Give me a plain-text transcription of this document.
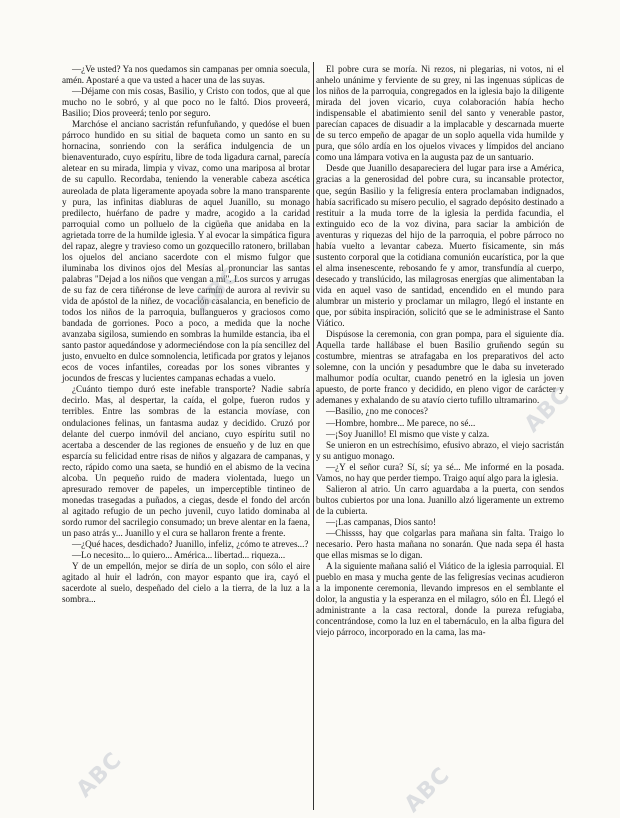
—¿Ve usted? Ya nos quedamos sin campanas per omnia soecula, amén. Apostaré a que va usted a hacer una de las suyas.

—Déjame con mis cosas, Basilio, y Cristo con todos, que al que mucho no le sobró, y al que poco no le faltó. Dios proveerá, Basilio; Dios proveerá; tenlo por seguro.

Marchóse el anciano sacristán refunfuñando, y quedóse el buen párroco hundido en su sitial de baqueta como un santo en su hornacina, sonriendo con la seráfica indulgencia de un bienaventurado, cuyo espíritu, libre de toda ligadura carnal, parecía aletear en su mirada, limpia y vivaz, como una mariposa al brotar de su capullo. Recordaba, teniendo la venerable cabeza ascética aureolada de plata ligeramente apoyada sobre la mano transparente y pura, las infinitas diabluras de aquel Juanillo, su monago predilecto, huérfano de padre y madre, acogido a la caridad parroquial como un polluelo de la cigüeña que anidaba en la agrietada torre de la humilde iglesia. Y al evocar la simpática figura del rapaz, alegre y travieso como un gozquecillo ratonero, brillaban los ojuelos del anciano sacerdote con el mismo fulgor que iluminaba los divinos ojos del Mesías al pronunciar las santas palabras "Dejad a los niños que vengan a mí". Los surcos y arrugas de su faz de cera tiñéronse de leve carmín de aurora al revivir su vida de apóstol de la niñez, de vocación casalancia, en beneficio de todos los niños de la parroquia, bullangueros y graciosos como bandada de gorriones. Poco a poco, a medida que la noche avanzaba sigilosa, sumiendo en sombras la humilde estancia, iba el santo pastor aquedándose y adormeciéndose con la pía sencillez del justo, envuelto en dulce somnolencia, letificada por gratos y lejanos ecos de voces infantiles, coreadas por los sones vibrantes y jocundos de frescas y lucientes campanas echadas a vuelo.

¿Cuánto tiempo duró este inefable transporte? Nadie sabría decirlo. Mas, al despertar, la caída, el golpe, fueron rudos y terribles. Entre las sombras de la estancia movíase, con ondulaciones felinas, un fantasma audaz y decidido. Cruzó por delante del cuerpo inmóvil del anciano, cuyo espíritu sutil no acertaba a descender de las regiones de ensueño y de luz en que esparcía su felicidad entre risas de niños y algazara de campanas, y recto, rápido como una saeta, se hundió en el abismo de la vecina alcoba. Un pequeño ruido de madera violentada, luego un apresurado remover de papeles, un imperceptible tintineo de monedas trasegadas a puñados, a ciegas, desde el fondo del arcón al agitado refugio de un pecho juvenil, cuyo latido dominaba al sordo rumor del sacrilegio consumado; un breve alentar en la faena, un paso atrás y... Juanillo y el cura se hallaron frente a frente.

—¿Qué haces, desdichado? Juanillo, infeliz, ¿cómo te atreves...?

—Lo necesito... lo quiero... América... libertad... riqueza...

Y de un empellón, mejor se diría de un soplo, con sólo el aire agitado al huir el ladrón, con mayor espanto que ira, cayó el sacerdote al suelo, despeñado del cielo a la tierra, de la luz a la sombra...

El pobre cura se moría. Ni rezos, ni plegarias, ni votos, ni el anhelo unánime y ferviente de su grey, ni las ingenuas súplicas de los niños de la parroquia, congregados en la iglesia bajo la diligente mirada del joven vicario, cuya colaboración había hecho indispensable el abatimiento senil del santo y venerable pastor, parecían capaces de disuadir a la implacable y descarnada muerte de su terco empeño de apagar de un soplo aquella vida humilde y pura, que sólo ardía en los ojuelos vivaces y límpidos del anciano como una lámpara votiva en la augusta paz de un santuario.

Desde que Juanillo desapareciera del lugar para irse a América, gracias a la generosidad del pobre cura, su incansable protector, que, según Basilio y la feligresía entera proclamaban indignados, había sacrificado su mísero peculio, el sagrado depósito destinado a restituir a la muda torre de la iglesia la perdida facundia, el extinguido eco de la voz divina, para saciar la ambición de aventuras y riquezas del hijo de la parroquia, el pobre párroco no había vuelto a levantar cabeza. Muerto físicamente, sin más sustento corporal que la cotidiana comunión eucarística, por la que el alma insenescente, rebosando fe y amor, transfundía al cuerpo, desecado y translúcido, las milagrosas energías que alimentaban la vida en aquel vaso de santidad, encendido en el mundo para alumbrar un misterio y proclamar un milagro, llegó el instante en que, por súbita inspiración, solicitó que se le administrase el Santo Viático.

Dispúsose la ceremonia, con gran pompa, para el siguiente día. Aquella tarde hallábase el buen Basilio gruñendo según su costumbre, mientras se atrafagaba en los preparativos del acto solemne, con la unción y pesadumbre que le daba su inveterado malhumor podía ocultar, cuando penetró en la iglesia un joven apuesto, de porte franco y decidido, en pleno vigor de carácter y ademanes y exhalando de su atavío cierto tufillo ultramarino.

—Basilio, ¿no me conoces?

—Hombre, hombre... Me parece, no sé...

—¡Soy Juanillo! El mismo que viste y calza.

Se unieron en un estrechísimo, efusivo abrazo, el viejo sacristán y su antiguo monago.

—¿Y el señor cura? Sí, sí; ya sé... Me informé en la posada. Vamos, no hay que perder tiempo. Traigo aquí algo para la iglesia.

Salieron al atrio. Un carro aguardaba a la puerta, con sendos bultos cubiertos por una lona. Juanillo alzó ligeramente un extremo de la cubierta.

—¡Las campanas, Dios santo!

—Chissss, hay que colgarlas para mañana sin falta. Traigo lo necesario. Pero hasta mañana no sonarán. Que nada sepa él hasta que ellas mismas se lo digan.

A la siguiente mañana salió el Viático de la iglesia parroquial. El pueblo en masa y mucha gente de las feligresías vecinas acudieron a la imponente ceremonia, llevando impresos en el semblante el dolor, la angustia y la esperanza en el milagro, sólo en Él. Llegó el administrante a la casa rectoral, donde la pureza refugiaba, concentrándose, como la luz en el tabernáculo, en la alba figura del viejo párroco, incorporado en la cama, las ma-

ABC
ABC
ABC	ABC
